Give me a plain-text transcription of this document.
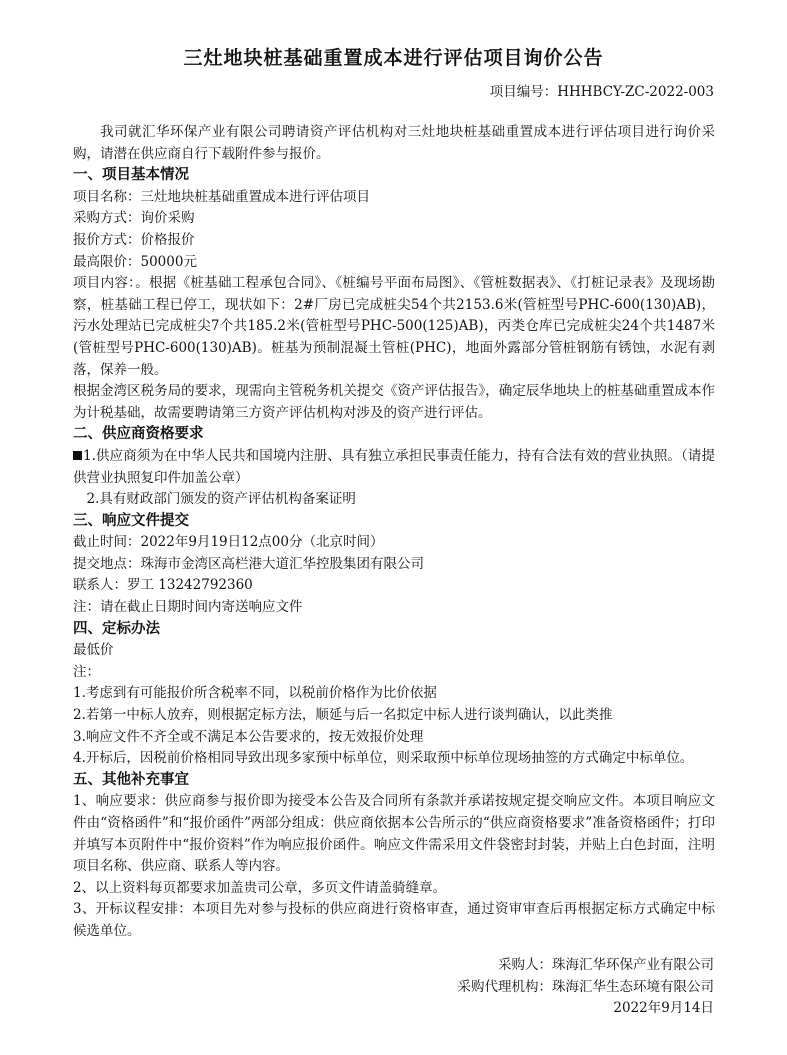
三灶地块桩基础重置成本进行评估项目询价公告
项目编号：HHHBCY-ZC-2022-003

我司就汇华环保产业有限公司聘请资产评估机构对三灶地块桩基础重置成本进行评估项目进行询价采购，请潜在供应商自行下载附件参与报价。

一、项目基本情况

项目名称：三灶地块桩基础重置成本进行评估项目

采购方式：询价采购

报价方式：价格报价

最高限价：50000元

项目内容：。根据《桩基础工程承包合同》、《桩编号平面布局图》、《管桩数据表》、《打桩记录表》及现场勘察，桩基础工程已停工，现状如下：2#厂房已完成桩尖54个共2153.6米(管桩型号PHC-600(130)AB)，污水处理站已完成桩尖7个共185.2米(管桩型号PHC-500(125)AB)，丙类仓库已完成桩尖24个共1487米(管桩型号PHC-600(130)AB)。桩基为预制混凝土管桩(PHC)，地面外露部分管桩钢筋有锈蚀，水泥有剥落，保养一般。

根据金湾区税务局的要求，现需向主管税务机关提交《资产评估报告》，确定辰华地块上的桩基础重置成本作为计税基础，故需要聘请第三方资产评估机构对涉及的资产进行评估。

二、供应商资格要求

1.供应商须为在中华人民共和国境内注册、具有独立承担民事责任能力，持有合法有效的营业执照。（请提供营业执照复印件加盖公章）

2.具有财政部门颁发的资产评估机构备案证明

三、响应文件提交

截止时间：2022年9月19日12点00分（北京时间）

提交地点：珠海市金湾区高栏港大道汇华控股集团有限公司

联系人：罗工 13242792360

注：请在截止日期时间内寄送响应文件

四、定标办法

最低价

注：

1.考虑到有可能报价所含税率不同，以税前价格作为比价依据

2.若第一中标人放弃，则根据定标方法，顺延与后一名拟定中标人进行谈判确认，以此类推

3.响应文件不齐全或不满足本公告要求的，按无效报价处理

4.开标后，因税前价格相同导致出现多家预中标单位，则采取预中标单位现场抽签的方式确定中标单位。

五、其他补充事宜

1、响应要求：供应商参与报价即为接受本公告及合同所有条款并承诺按规定提交响应文件。本项目响应文件由“资格函件”和“报价函件”两部分组成：供应商依据本公告所示的“供应商资格要求”准备资格函件；打印并填写本页附件中“报价资料”作为响应报价函件。响应文件需采用文件袋密封封装，并贴上白色封面，注明项目名称、供应商、联系人等内容。

2、以上资料每页都要求加盖贵司公章，多页文件请盖骑缝章。

3、开标议程安排：本项目先对参与投标的供应商进行资格审查，通过资审审查后再根据定标方式确定中标候选单位。

采购人：珠海汇华环保产业有限公司
采购代理机构：珠海汇华生态环境有限公司
2022年9月14日
